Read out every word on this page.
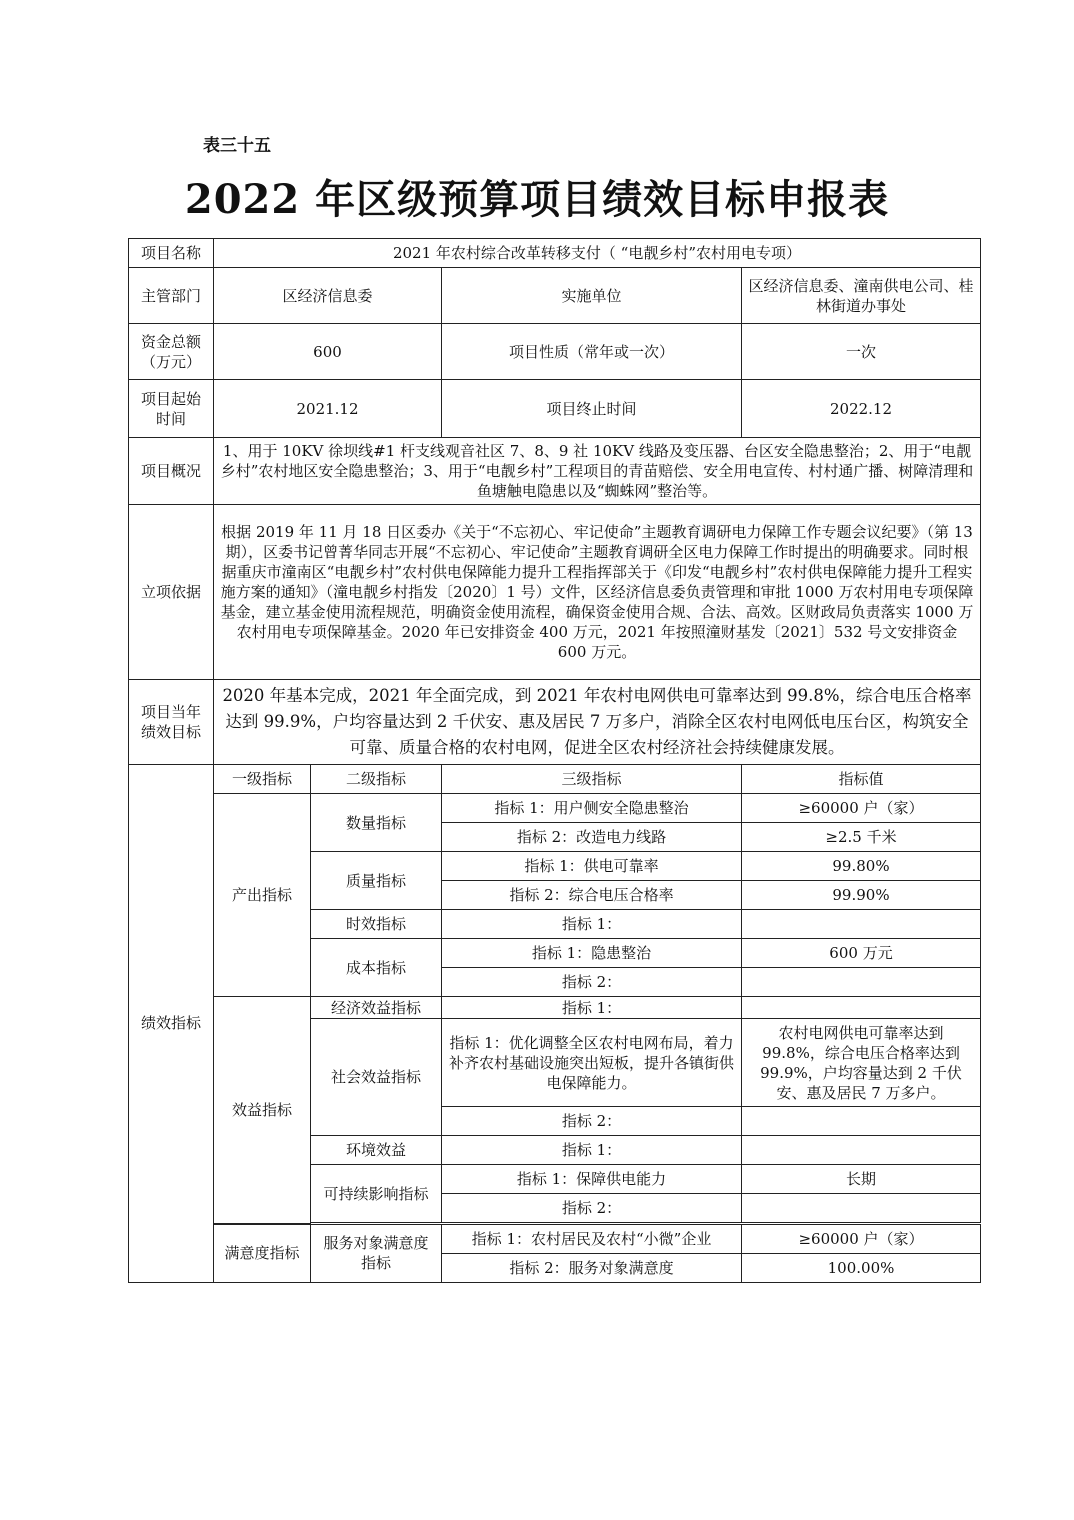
表三十五
2022 年区级预算项目绩效目标申报表
项目名称	2021 年农村综合改革转移支付（ “电靓乡村”农村用电专项）			
主管部门	区经济信息委		实施单位	区经济信息委、潼南供电公司、桂林街道办事处
资金总额（万元）	600		项目性质（常年或一次）	一次
项目起始时间	2021.12		项目终止时间	2022.12
项目概况	1、用于 10KV 徐坝线#1 杆支线观音社区 7、8、9 社 10KV 线路及变压器、台区安全隐患整治；2、用于“电靓乡村”农村地区安全隐患整治；3、用于“电靓乡村”工程项目的青苗赔偿、安全用电宣传、村村通广播、树障清理和鱼塘触电隐患以及“蜘蛛网”整治等。			
立项依据	根据 2019 年 11 月 18 日区委办《关于“不忘初心、牢记使命”主题教育调研电力保障工作专题会议纪要》（第 13 期），区委书记曾菁华同志开展“不忘初心、牢记使命”主题教育调研全区电力保障工作时提出的明确要求。同时根据重庆市潼南区“电靓乡村”农村供电保障能力提升工程指挥部关于《印发“电靓乡村”农村供电保障能力提升工程实施方案的通知》（潼电靓乡村指发〔2020〕1 号）文件，区经济信息委负责管理和审批 1000 万农村用电专项保障基金，建立基金使用流程规范，明确资金使用流程，确保资金使用合规、合法、高效。区财政局负责落实 1000 万农村用电专项保障基金。2020 年已安排资金 400 万元，2021 年按照潼财基发〔2021〕532 号文安排资金 600 万元。			
项目当年绩效目标	2020 年基本完成，2021 年全面完成，到 2021 年农村电网供电可靠率达到 99.8%，综合电压合格率达到 99.9%，户均容量达到 2 千伏安、惠及居民 7 万多户，消除全区农村电网低电压台区，构筑安全可靠、质量合格的农村电网，促进全区农村经济社会持续健康发展。			
绩效指标	一级指标	二级指标	三级指标	指标值
	产出指标	数量指标	指标 1：用户侧安全隐患整治	≥60000 户（家）
			指标 2：改造电力线路	≥2.5 千米
		质量指标	指标 1：供电可靠率	99.80%
			指标 2：综合电压合格率	99.90%
		时效指标	指标 1：	
		成本指标	指标 1：隐患整治	600 万元
			指标 2：	
	效益指标	经济效益指标	指标 1：	
		社会效益指标	指标 1：优化调整全区农村电网布局，着力补齐农村基础设施突出短板，提升各镇街供电保障能力。	农村电网供电可靠率达到 99.8%，综合电压合格率达到 99.9%，户均容量达到 2 千伏安、惠及居民 7 万多户。
			指标 2：	
		环境效益	指标 1：	
		可持续影响指标	指标 1：保障供电能力	长期
			指标 2：	

	满意度指标	服务对象满意度指标	指标 1：农村居民及农村“小微”企业	≥60000 户（家）
			指标 2：服务对象满意度	100.00%
